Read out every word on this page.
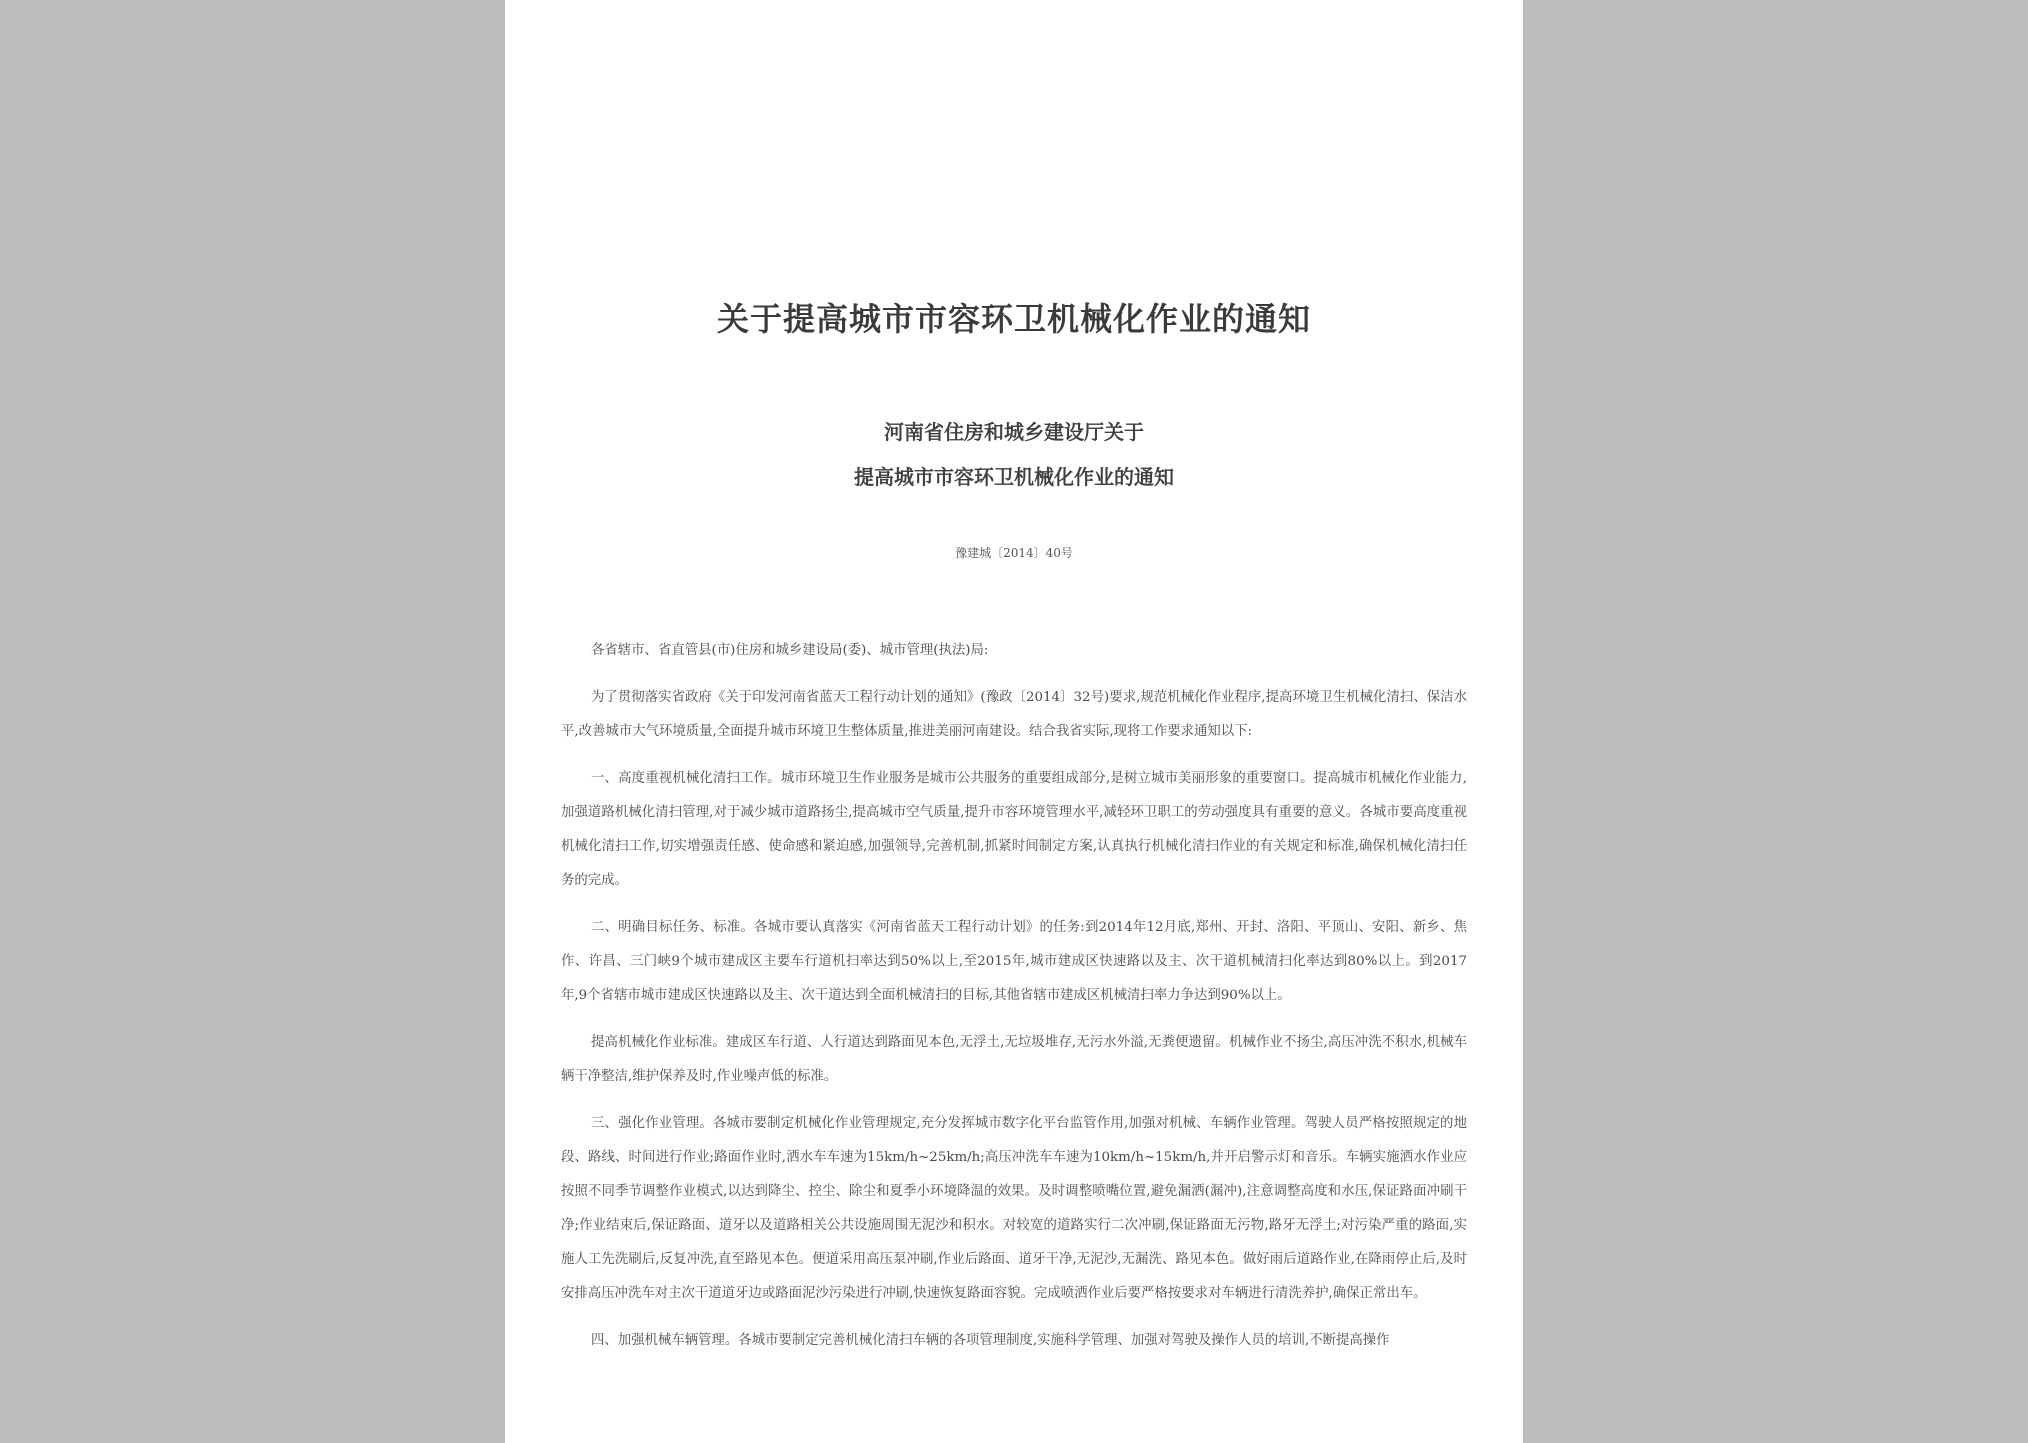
关于提高城市市容环卫机械化作业的通知
河南省住房和城乡建设厅关于
提高城市市容环卫机械化作业的通知
豫建城〔2014〕40号

各省辖市、省直管县(市)住房和城乡建设局(委)、城市管理(执法)局:

为了贯彻落实省政府《关于印发河南省蓝天工程行动计划的通知》(豫政〔2014〕32号)要求,规范机械化作业程序,提高环境卫生机械化清扫、保洁水平,改善城市大气环境质量,全面提升城市环境卫生整体质量,推进美丽河南建设。结合我省实际,现将工作要求通知以下:

一、高度重视机械化清扫工作。城市环境卫生作业服务是城市公共服务的重要组成部分,是树立城市美丽形象的重要窗口。提高城市机械化作业能力,加强道路机械化清扫管理,对于减少城市道路扬尘,提高城市空气质量,提升市容环境管理水平,减轻环卫职工的劳动强度具有重要的意义。各城市要高度重视机械化清扫工作,切实增强责任感、使命感和紧迫感,加强领导,完善机制,抓紧时间制定方案,认真执行机械化清扫作业的有关规定和标准,确保机械化清扫任务的完成。

二、明确目标任务、标准。各城市要认真落实《河南省蓝天工程行动计划》的任务:到2014年12月底,郑州、开封、洛阳、平顶山、安阳、新乡、焦作、许昌、三门峡9个城市建成区主要车行道机扫率达到50%以上,至2015年,城市建成区快速路以及主、次干道机械清扫化率达到80%以上。到2017年,9个省辖市城市建成区快速路以及主、次干道达到全面机械清扫的目标,其他省辖市建成区机械清扫率力争达到90%以上。

提高机械化作业标准。建成区车行道、人行道达到路面见本色,无浮土,无垃圾堆存,无污水外溢,无粪便遗留。机械作业不扬尘,高压冲洗不积水,机械车辆干净整洁,维护保养及时,作业噪声低的标准。

三、强化作业管理。各城市要制定机械化作业管理规定,充分发挥城市数字化平台监管作用,加强对机械、车辆作业管理。驾驶人员严格按照规定的地段、路线、时间进行作业;路面作业时,洒水车车速为15km/h~25km/h;高压冲洗车车速为10km/h~15km/h,并开启警示灯和音乐。车辆实施洒水作业应按照不同季节调整作业模式,以达到降尘、控尘、除尘和夏季小环境降温的效果。及时调整喷嘴位置,避免漏洒(漏冲),注意调整高度和水压,保证路面冲刷干净;作业结束后,保证路面、道牙以及道路相关公共设施周围无泥沙和积水。对较宽的道路实行二次冲刷,保证路面无污物,路牙无浮土;对污染严重的路面,实施人工先洗刷后,反复冲洗,直至路见本色。便道采用高压泵冲刷,作业后路面、道牙干净,无泥沙,无漏洗、路见本色。做好雨后道路作业,在降雨停止后,及时安排高压冲洗车对主次干道道牙边或路面泥沙污染进行冲刷,快速恢复路面容貌。完成喷洒作业后要严格按要求对车辆进行清洗养护,确保正常出车。

四、加强机械车辆管理。各城市要制定完善机械化清扫车辆的各项管理制度,实施科学管理、加强对驾驶及操作人员的培训,不断提高操作
